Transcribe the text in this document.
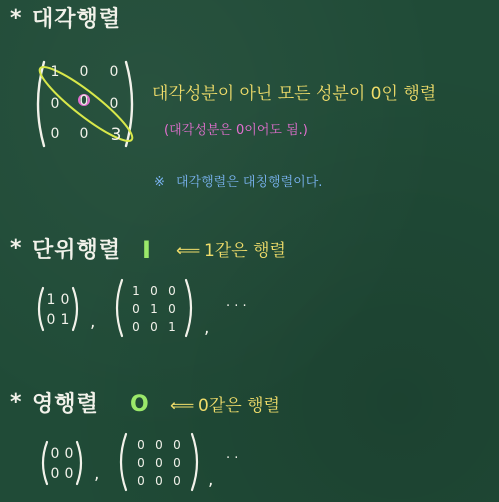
* 대각행렬
1 0 0
0 0 0
0 0 3
대각성분이 아닌 모든 성분이 0인 행렬
(대각성분은 0이어도 됨.)
※ 대각행렬은 대칭행렬이다.
* 단위행렬 I ⟸ 1같은 행렬
1 0
0 1 ,
1 0 0
0 1 0
0 0 1 ,
· · ·
* 영행렬 O ⟸ 0같은 행렬
0 0
0 0 ,
0 0 0
0 0 0
0 0 0 ,
· ·
